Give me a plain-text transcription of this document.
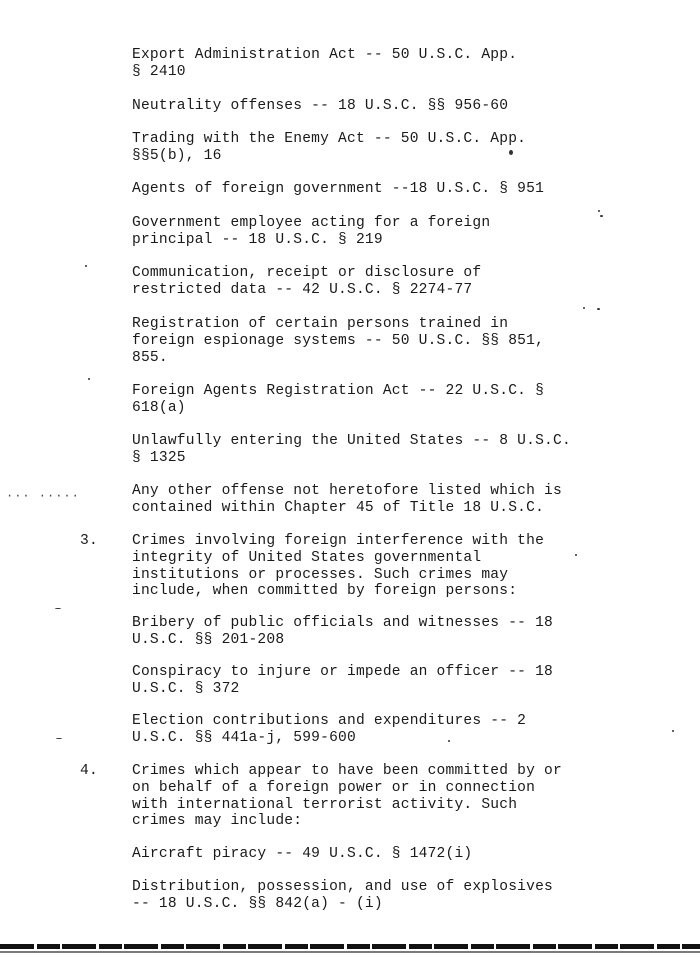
Export Administration Act -- 50 U.S.C. App.
§ 2410
Neutrality offenses -- 18 U.S.C. §§ 956-60
Trading with the Enemy Act -- 50 U.S.C. App.
§§5(b), 16
Agents of foreign government --18 U.S.C. § 951
Government employee acting for a foreign
principal -- 18 U.S.C. § 219
Communication, receipt or disclosure of
restricted data -- 42 U.S.C. § 2274-77
Registration of certain persons trained in
foreign espionage systems -- 50 U.S.C. §§ 851,
855.
Foreign Agents Registration Act -- 22 U.S.C. §
618(a)
Unlawfully entering the United States -- 8 U.S.C.
§ 1325
Any other offense not heretofore listed which is
contained within Chapter 45 of Title 18 U.S.C.
3. Crimes involving foreign interference with the
integrity of United States governmental
institutions or processes. Such crimes may
include, when committed by foreign persons:
Bribery of public officials and witnesses -- 18
U.S.C. §§ 201-208
Conspiracy to injure or impede an officer -- 18
U.S.C. § 372
Election contributions and expenditures -- 2
U.S.C. §§ 441a-j, 599-600
4. Crimes which appear to have been committed by or
on behalf of a foreign power or in connection
with international terrorist activity. Such
crimes may include:
Aircraft piracy -- 49 U.S.C. § 1472(i)
Distribution, possession, and use of explosives
-- 18 U.S.C. §§ 842(a) - (i)
··· ·····
